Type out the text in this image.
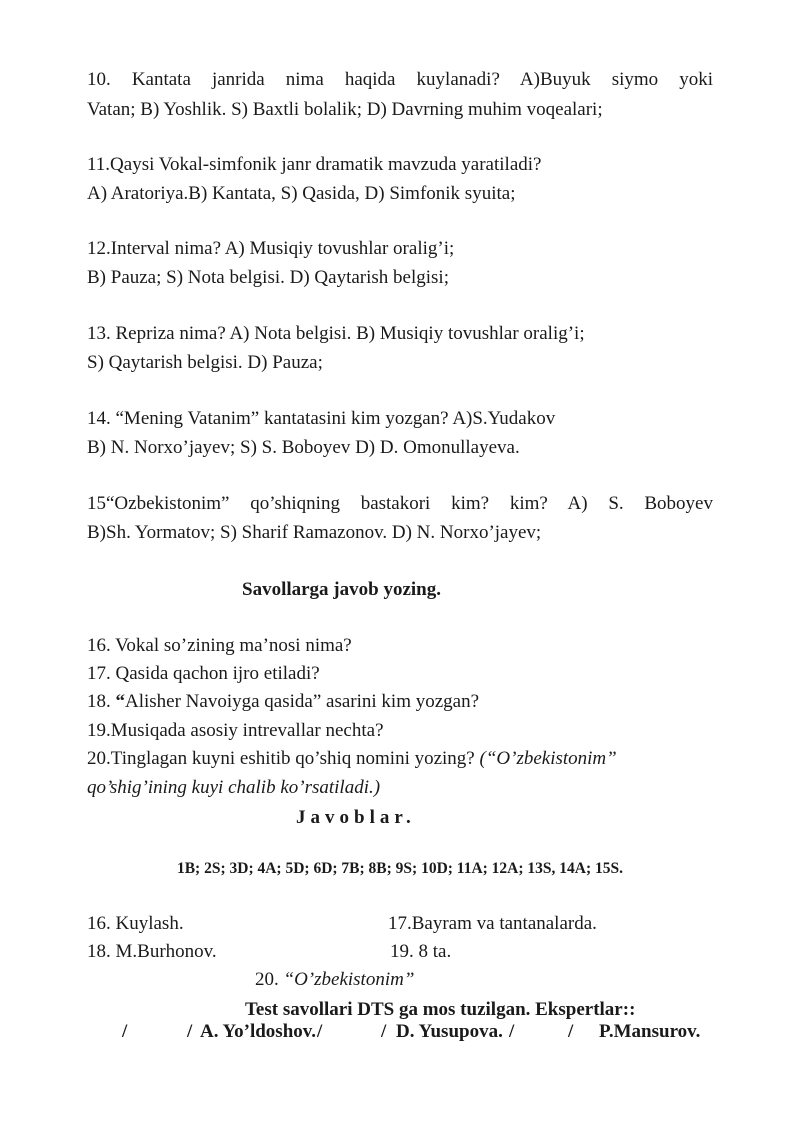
10. Kantata janrida nima haqida kuylanadi? A)Buyuk siymo yoki
Vatan; B) Yoshlik. S) Baxtli bolalik; D) Davrning muhim voqealari;
11.Qaysi Vokal-simfonik janr dramatik mavzuda yaratiladi?
A) Aratoriya.B) Kantata, S) Qasida, D) Simfonik syuita;
12.Interval nima? A) Musiqiy tovushlar oralig’i;
B) Pauza; S) Nota belgisi. D) Qaytarish belgisi;
13. Repriza nima? A) Nota belgisi. B) Musiqiy tovushlar oralig’i;
S) Qaytarish belgisi. D) Pauza;
14. “Mening Vatanim” kantatasini kim yozgan? A)S.Yudakov
B) N. Norxo’jayev; S) S. Boboyev D) D. Omonullayeva.
15“Ozbekistonim” qo’shiqning bastakori kim? kim? A) S. Boboyev
B)Sh. Yormatov; S) Sharif Ramazonov. D) N. Norxo’jayev;
Savollarga javob yozing.
16. Vokal so’zining ma’nosi nima?
17. Qasida qachon ijro etiladi?
18. “Alisher Navoiyga qasida” asarini kim yozgan?
19.Musiqada asosiy intrevallar nechta?
20.Tinglagan kuyni eshitib qo’shiq nomini yozing? (“O’zbekistonim”
qo’shig’ining kuyi chalib ko’rsatiladi.)
Javoblar.
1B; 2S; 3D; 4A; 5D; 6D; 7B; 8B; 9S; 10D; 11A; 12A; 13S, 14A; 15S.
16. Kuylash.	17.Bayram va tantanalarda.
18. M.Burhonov.	19. 8 ta.
20. “O’zbekistonim”
Test savollari DTS ga mos tuzilgan. Ekspertlar::
/	/ A. Yo’ldoshov. /	/ D. Yusupova. /	/ P.Mansurov.
